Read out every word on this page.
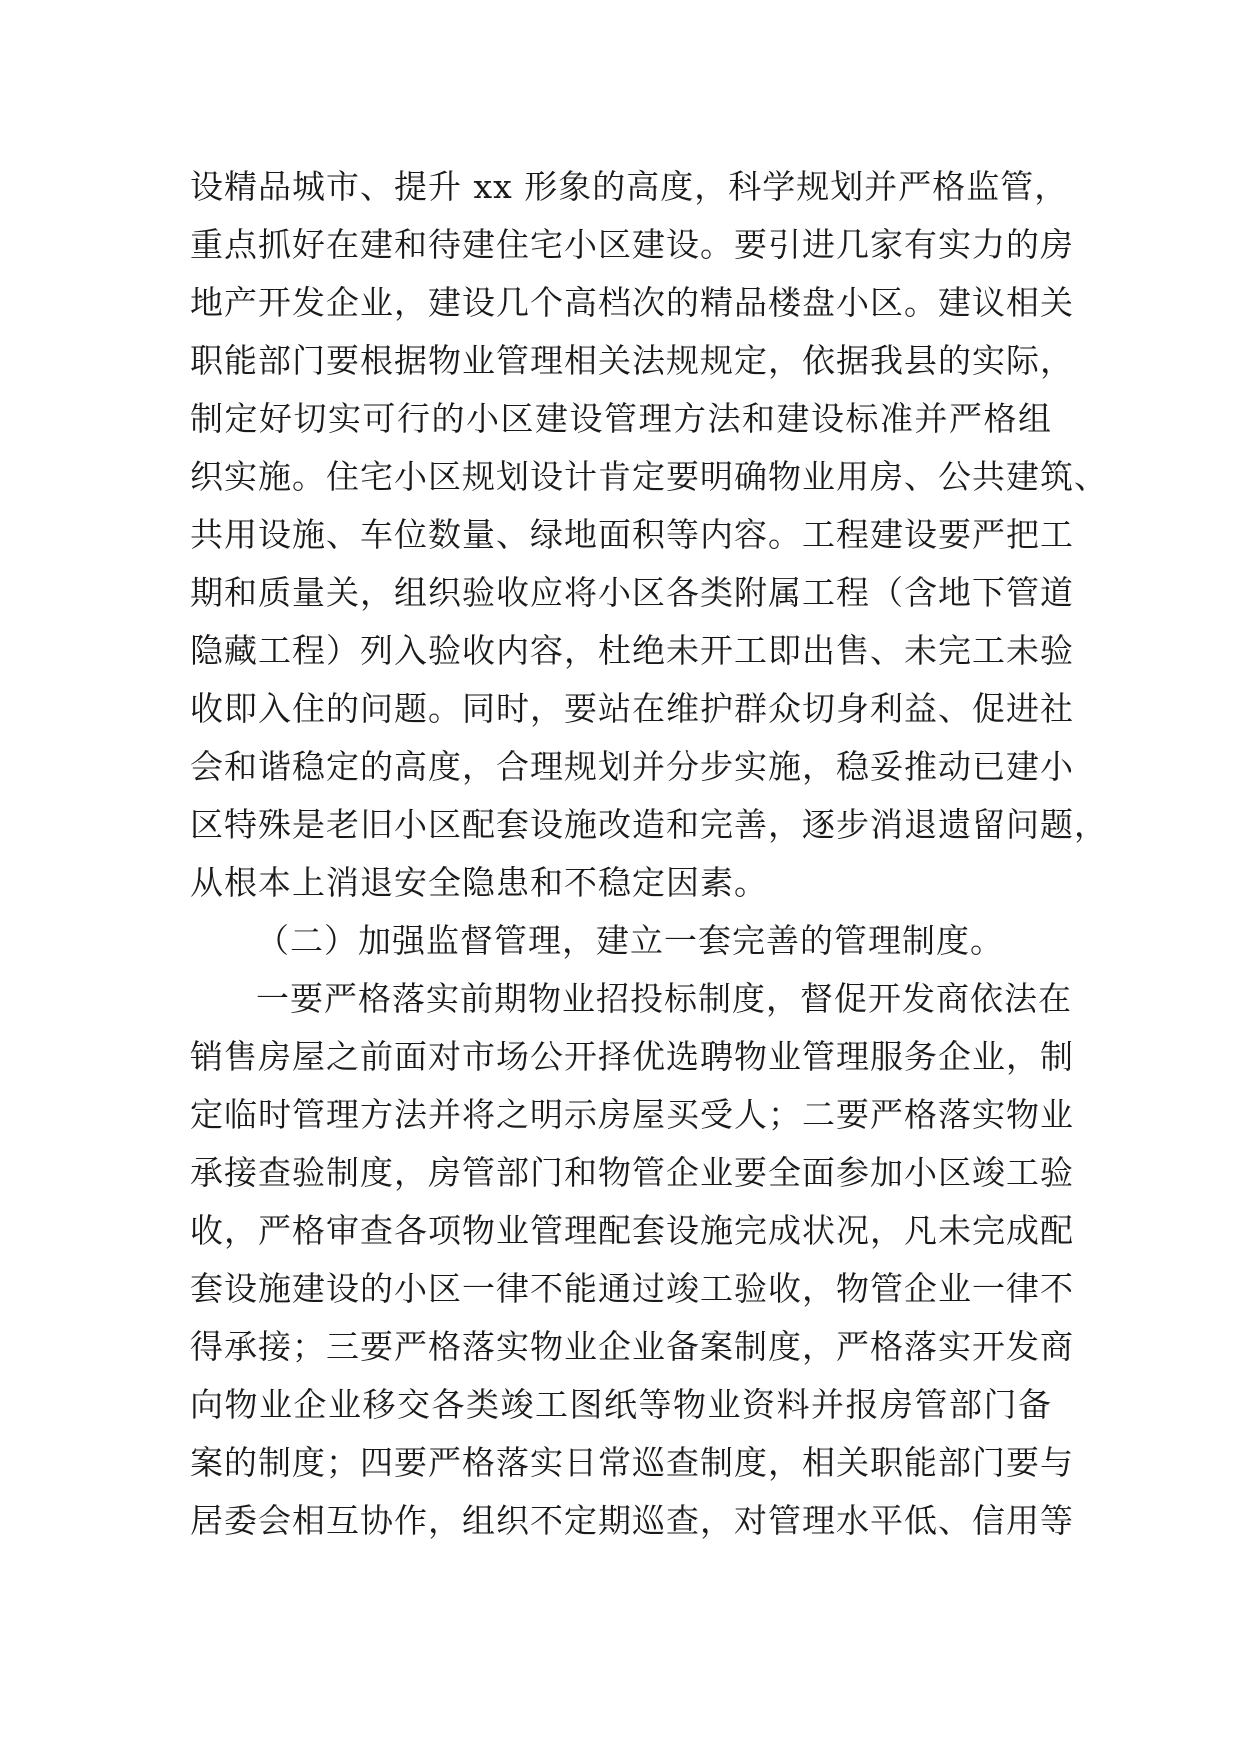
设精品城市、提升 xx 形象的高度，科学规划并严格监管，
重点抓好在建和待建住宅小区建设。要引进几家有实力的房
地产开发企业，建设几个高档次的精品楼盘小区。建议相关
职能部门要根据物业管理相关法规规定，依据我县的实际，
制定好切实可行的小区建设管理方法和建设标准并严格组
织实施。住宅小区规划设计肯定要明确物业用房、公共建筑、
共用设施、车位数量、绿地面积等内容。工程建设要严把工
期和质量关，组织验收应将小区各类附属工程（含地下管道
隐藏工程）列入验收内容，杜绝未开工即出售、未完工未验
收即入住的问题。同时，要站在维护群众切身利益、促进社
会和谐稳定的高度，合理规划并分步实施，稳妥推动已建小
区特殊是老旧小区配套设施改造和完善，逐步消退遗留问题，
从根本上消退安全隐患和不稳定因素。
（二）加强监督管理，建立一套完善的管理制度。
一要严格落实前期物业招投标制度，督促开发商依法在
销售房屋之前面对市场公开择优选聘物业管理服务企业，制
定临时管理方法并将之明示房屋买受人；二要严格落实物业
承接查验制度，房管部门和物管企业要全面参加小区竣工验
收，严格审查各项物业管理配套设施完成状况，凡未完成配
套设施建设的小区一律不能通过竣工验收，物管企业一律不
得承接；三要严格落实物业企业备案制度，严格落实开发商
向物业企业移交各类竣工图纸等物业资料并报房管部门备
案的制度；四要严格落实日常巡查制度，相关职能部门要与
居委会相互协作，组织不定期巡查，对管理水平低、信用等
